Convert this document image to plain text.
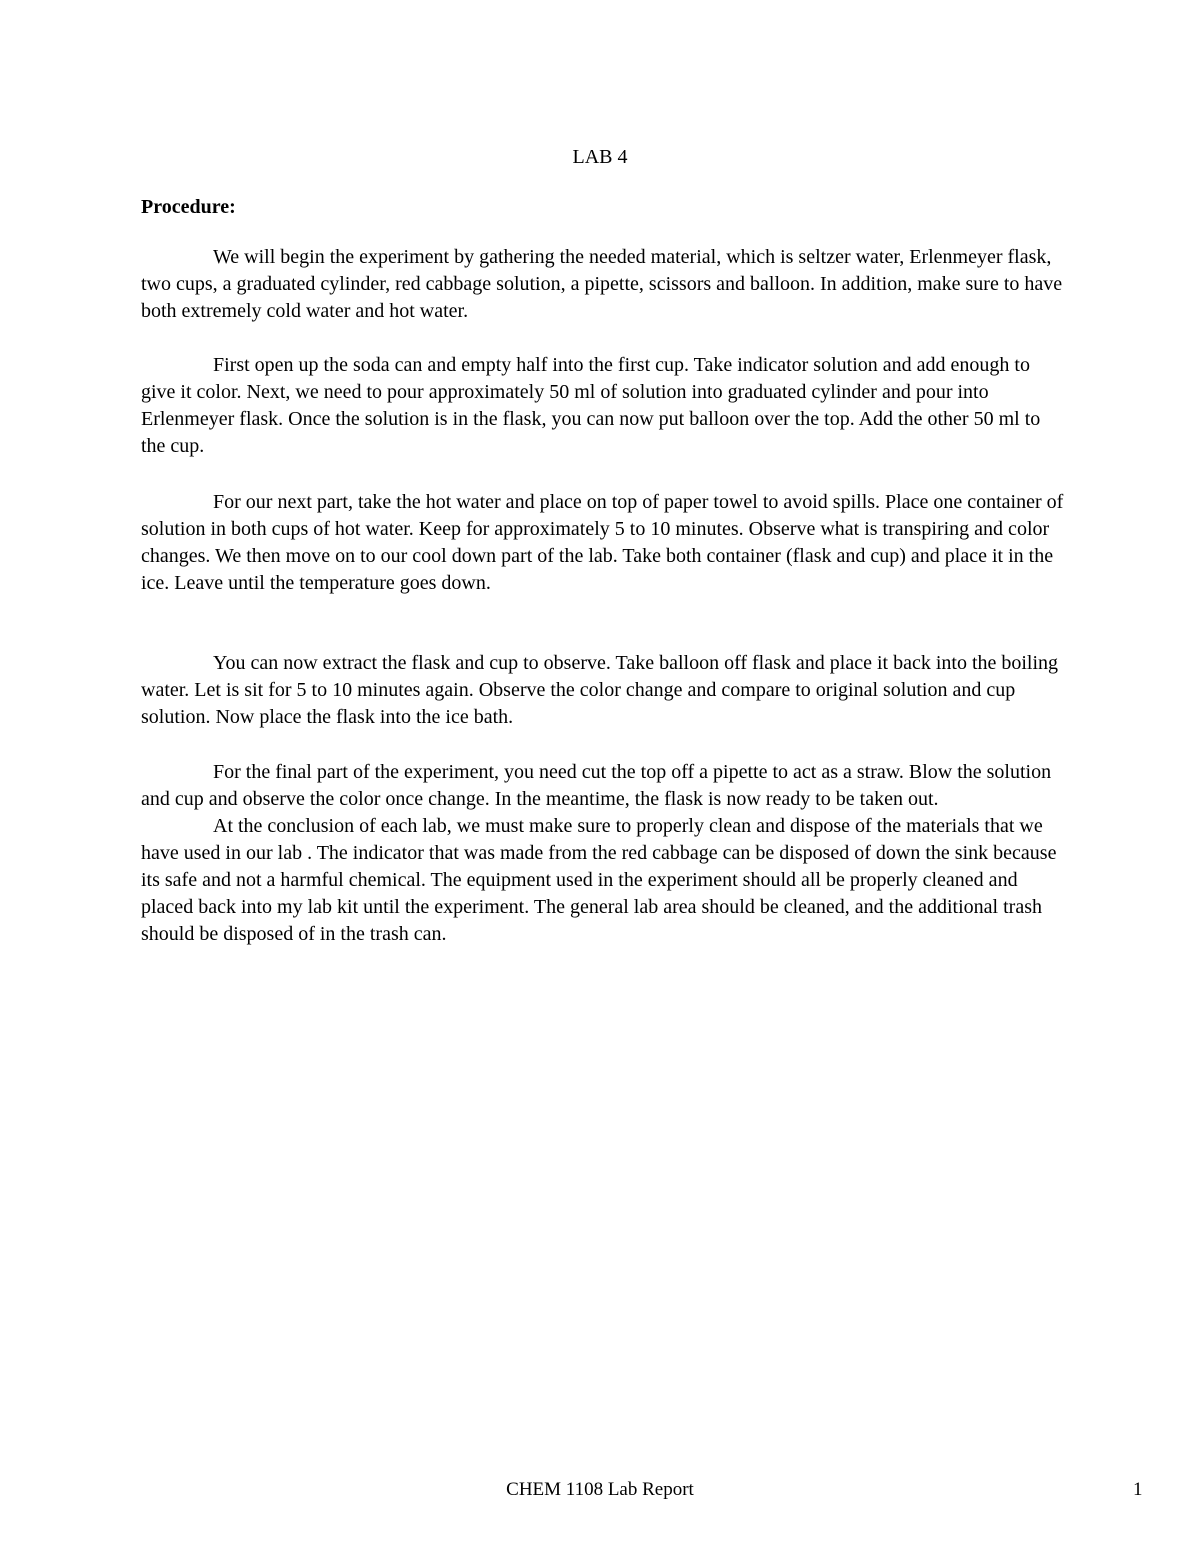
LAB 4
Procedure:

We will begin the experiment by gathering the needed material, which is seltzer water, Erlenmeyer flask, two cups, a graduated cylinder, red cabbage solution, a pipette, scissors and balloon. In addition, make sure to have both extremely cold water and hot water.

First open up the soda can and empty half into the first cup. Take indicator solution and add enough to give it color. Next, we need to pour approximately 50 ml of solution into graduated cylinder and pour into Erlenmeyer flask. Once the solution is in the flask, you can now put balloon over the top. Add the other 50 ml to the cup.

For our next part, take the hot water and place on top of paper towel to avoid spills. Place one container of solution in both cups of hot water. Keep for approximately 5 to 10 minutes. Observe what is transpiring and color changes. We then move on to our cool down part of the lab. Take both container (flask and cup) and place it in the ice. Leave until the temperature goes down.

You can now extract the flask and cup to observe. Take balloon off flask and place it back into the boiling water. Let is sit for 5 to 10 minutes again. Observe the color change and compare to original solution and cup solution. Now place the flask into the ice bath.

For the final part of the experiment, you need cut the top off a pipette to act as a straw. Blow the solution and cup and observe the color once change. In the meantime, the flask is now ready to be taken out.

At the conclusion of each lab, we must make sure to properly clean and dispose of the materials that we have used in our lab . The indicator that was made from the red cabbage can be disposed of down the sink because its safe and not a harmful chemical. The equipment used in the experiment should all be properly cleaned and placed back into my lab kit until the experiment. The general lab area should be cleaned, and the additional trash should be disposed of in the trash can.

CHEM 1108 Lab Report	1
